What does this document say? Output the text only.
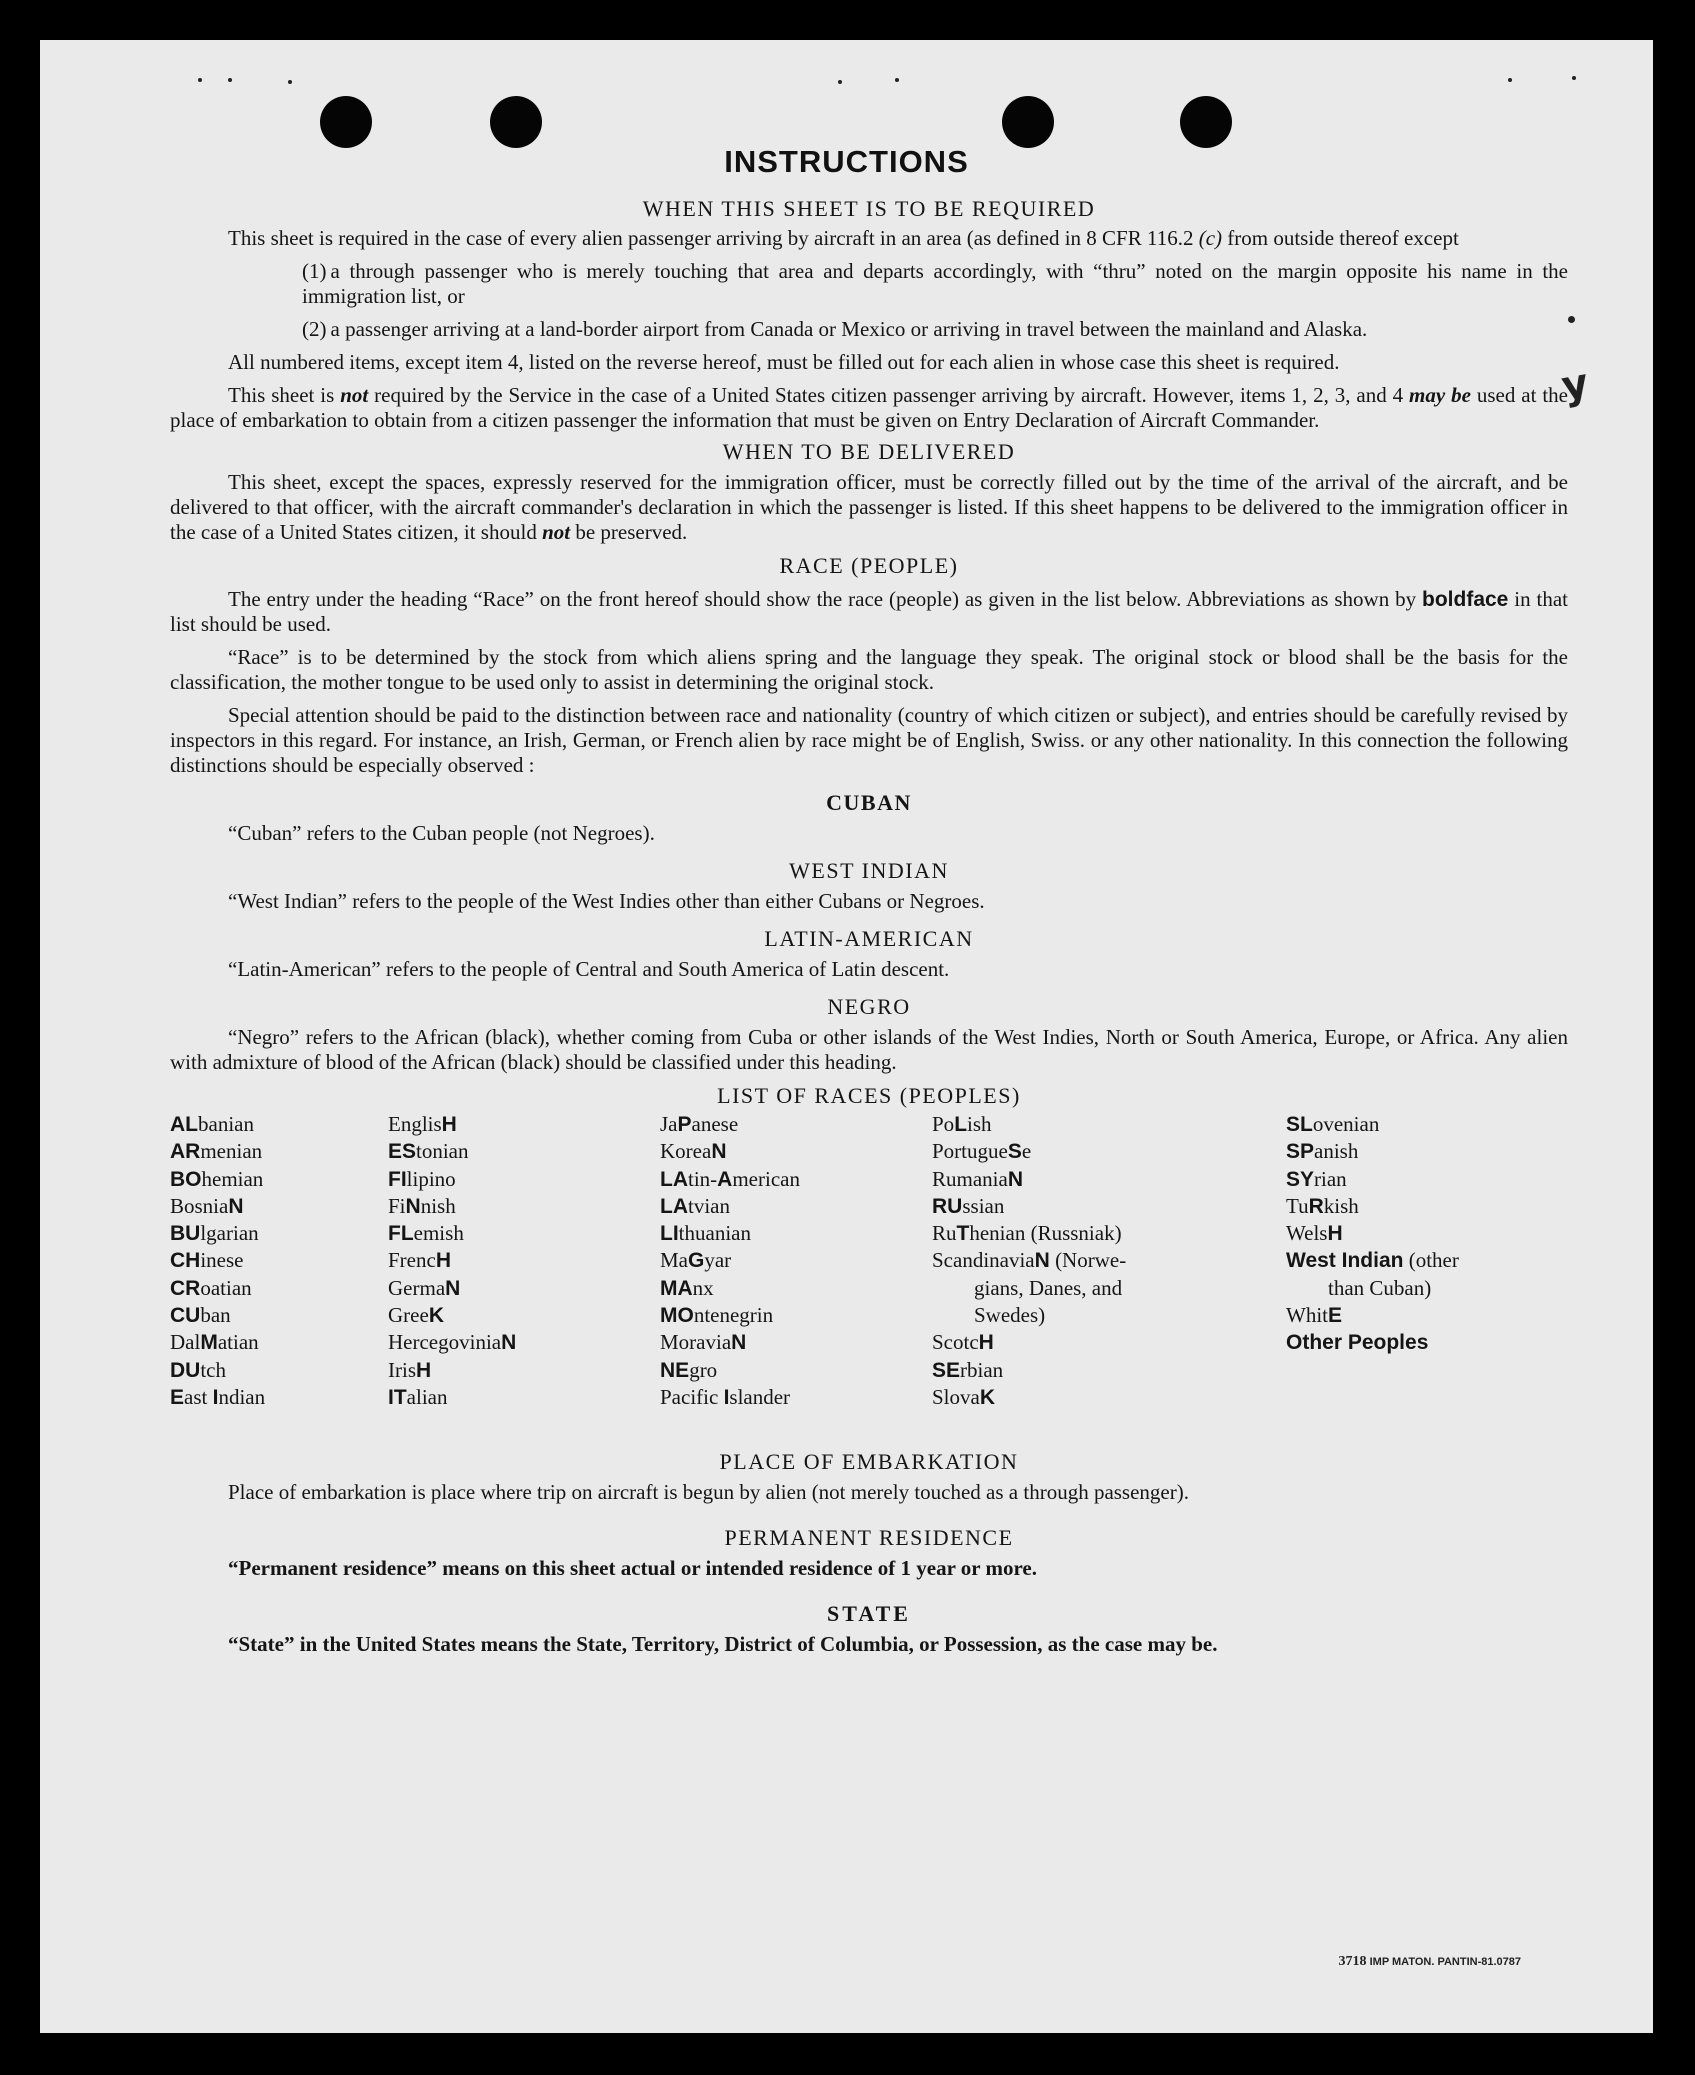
y
INSTRUCTIONS
WHEN THIS SHEET IS TO BE REQUIRED

This sheet is required in the case of every alien passenger arriving by aircraft in an area (as defined in 8 CFR 116.2 (c) from outside thereof except

(1) a through passenger who is merely touching that area and departs accordingly, with “thru” noted on the margin opposite his name in the immigration list, or

(2) a passenger arriving at a land-border airport from Canada or Mexico or arriving in travel between the mainland and Alaska.

All numbered items, except item 4, listed on the reverse hereof, must be filled out for each alien in whose case this sheet is required.

This sheet is not required by the Service in the case of a United States citizen passenger arriving by aircraft. However, items 1, 2, 3, and 4 may be used at the place of embarkation to obtain from a citizen passenger the information that must be given on Entry Declaration of Aircraft Commander.

WHEN TO BE DELIVERED

This sheet, except the spaces, expressly reserved for the immigration officer, must be correctly filled out by the time of the arrival of the aircraft, and be delivered to that officer, with the aircraft commander's declaration in which the passenger is listed. If this sheet happens to be delivered to the immigration officer in the case of a United States citizen, it should not be preserved.

RACE (PEOPLE)

The entry under the heading “Race” on the front hereof should show the race (people) as given in the list below. Abbreviations as shown by boldface in that list should be used.

“Race” is to be determined by the stock from which aliens spring and the language they speak. The original stock or blood shall be the basis for the classification, the mother tongue to be used only to assist in determining the original stock.

Special attention should be paid to the distinction between race and nationality (country of which citizen or subject), and entries should be carefully revised by inspectors in this regard. For instance, an Irish, German, or French alien by race might be of English, Swiss. or any other nationality. In this connection the following distinctions should be especially observed :

CUBAN

“Cuban” refers to the Cuban people (not Negroes).

WEST INDIAN

“West Indian” refers to the people of the West Indies other than either Cubans or Negroes.

LATIN-AMERICAN

“Latin-American” refers to the people of Central and South America of Latin descent.

NEGRO

“Negro” refers to the African (black), whether coming from Cuba or other islands of the West Indies, North or South America, Europe, or Africa. Any alien with admixture of blood of the African (black) should be classified under this heading.

LIST OF RACES (PEOPLES)
ALbanian
ARmenian
BOhemian
BosniaN
BUlgarian
CHinese
CRoatian
CUban
DalMatian
DUtch
East Indian
EnglisH
EStonian
FIlipino
FiNnish
FLemish
FrencH
GermaN
GreeK
HercegoviniaN
IrisH
ITalian
JaPanese
KoreaN
LAtin-American
LAtvian
LIthuanian
MaGyar
MAnx
MOntenegrin
MoraviaN
NEgro
Pacific Islander
PoLish
PortugueSe
RumaniaN
RUssian
RuThenian (Russniak)
ScandinaviaN (Norwe-
gians, Danes, and
Swedes)
ScotcH
SErbian
SlovaK
SLovenian
SPanish
SYrian
TuRkish
WelsH
West Indian (other
than Cuban)
WhitE
Other Peoples
PLACE OF EMBARKATION

Place of embarkation is place where trip on aircraft is begun by alien (not merely touched as a through passenger).

PERMANENT RESIDENCE

“Permanent residence” means on this sheet actual or intended residence of 1 year or more.

STATE

“State” in the United States means the State, Territory, District of Columbia, or Possession, as the case may be.

3718 IMP MATON. PANTIN-81.0787
